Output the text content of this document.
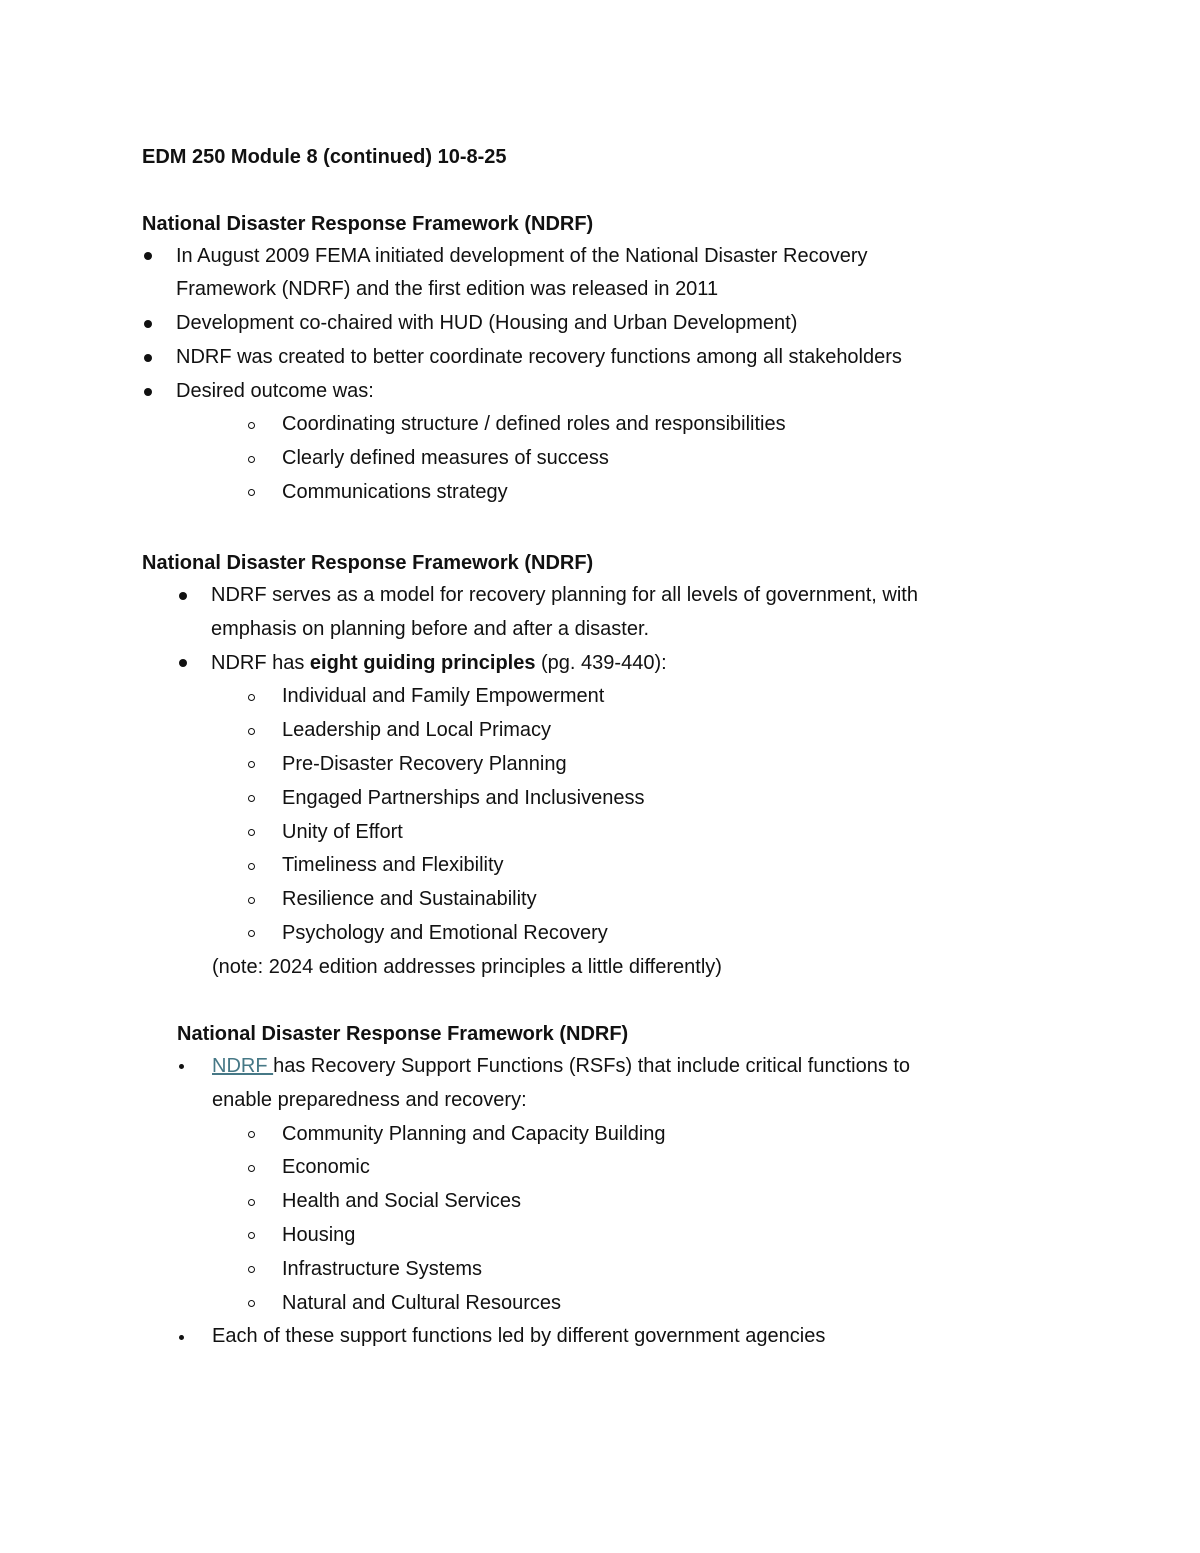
EDM 250 Module 8 (continued) 10-8-25
National Disaster Response Framework (NDRF)
In August 2009 FEMA initiated development of the National Disaster Recovery
Framework (NDRF) and the first edition was released in 2011
Development co-chaired with HUD (Housing and Urban Development)
NDRF was created to better coordinate recovery functions among all stakeholders
Desired outcome was:
Coordinating structure / defined roles and responsibilities
Clearly defined measures of success
Communications strategy
National Disaster Response Framework (NDRF)
NDRF serves as a model for recovery planning for all levels of government, with
emphasis on planning before and after a disaster.
NDRF has eight guiding principles (pg. 439-440):
Individual and Family Empowerment
Leadership and Local Primacy
Pre-Disaster Recovery Planning
Engaged Partnerships and Inclusiveness
Unity of Effort
Timeliness and Flexibility
Resilience and Sustainability
Psychology and Emotional Recovery
(note: 2024 edition addresses principles a little differently)
National Disaster Response Framework (NDRF)
NDRF has Recovery Support Functions (RSFs) that include critical functions to
enable preparedness and recovery:
Community Planning and Capacity Building
Economic
Health and Social Services
Housing
Infrastructure Systems
Natural and Cultural Resources
Each of these support functions led by different government agencies
